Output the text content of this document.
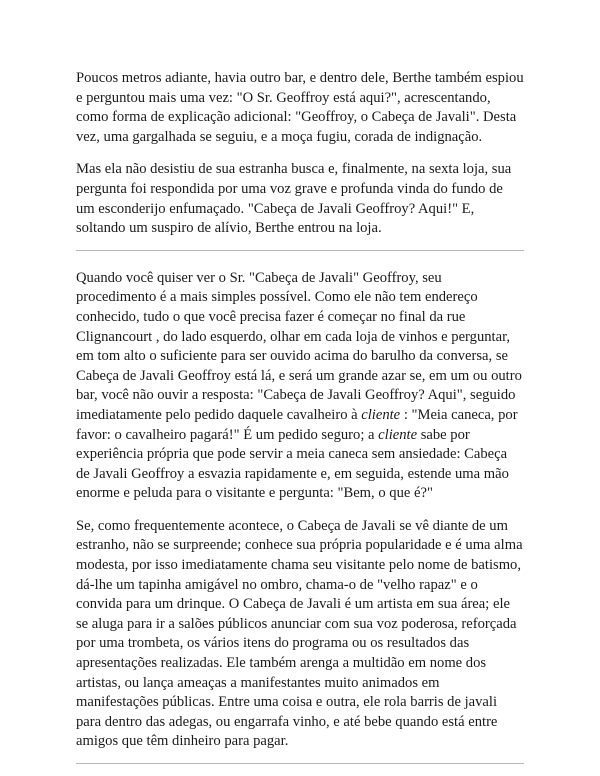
Poucos metros adiante, havia outro bar, e dentro dele, Berthe também espiou e perguntou mais uma vez: "O Sr. Geoffroy está aqui?", acrescentando, como forma de explicação adicional: "Geoffroy, o Cabeça de Javali". Desta vez, uma gargalhada se seguiu, e a moça fugiu, corada de indignação.

Mas ela não desistiu de sua estranha busca e, finalmente, na sexta loja, sua pergunta foi respondida por uma voz grave e profunda vinda do fundo de um esconderijo enfumaçado. "Cabeça de Javali Geoffroy? Aqui!" E, soltando um suspiro de alívio, Berthe entrou na loja.

Quando você quiser ver o Sr. "Cabeça de Javali" Geoffroy, seu procedimento é a mais simples possível. Como ele não tem endereço conhecido, tudo o que você precisa fazer é começar no final da rue Clignancourt , do lado esquerdo, olhar em cada loja de vinhos e perguntar, em tom alto o suficiente para ser ouvido acima do barulho da conversa, se Cabeça de Javali Geoffroy está lá, e será um grande azar se, em um ou outro bar, você não ouvir a resposta: "Cabeça de Javali Geoffroy? Aqui", seguido imediatamente pelo pedido daquele cavalheiro à cliente : "Meia caneca, por favor: o cavalheiro pagará!" É um pedido seguro; a cliente sabe por experiência própria que pode servir a meia caneca sem ansiedade: Cabeça de Javali Geoffroy a esvazia rapidamente e, em seguida, estende uma mão enorme e peluda para o visitante e pergunta: "Bem, o que é?"

Se, como frequentemente acontece, o Cabeça de Javali se vê diante de um estranho, não se surpreende; conhece sua própria popularidade e é uma alma modesta, por isso imediatamente chama seu visitante pelo nome de batismo, dá-lhe um tapinha amigável no ombro, chama-o de "velho rapaz" e o convida para um drinque. O Cabeça de Javali é um artista em sua área; ele se aluga para ir a salões públicos anunciar com sua voz poderosa, reforçada por uma trombeta, os vários itens do programa ou os resultados das apresentações realizadas. Ele também arenga a multidão em nome dos artistas, ou lança ameaças a manifestantes muito animados em manifestações públicas. Entre uma coisa e outra, ele rola barris de javali para dentro das adegas, ou engarrafa vinho, e até bebe quando está entre amigos que têm dinheiro para pagar.
